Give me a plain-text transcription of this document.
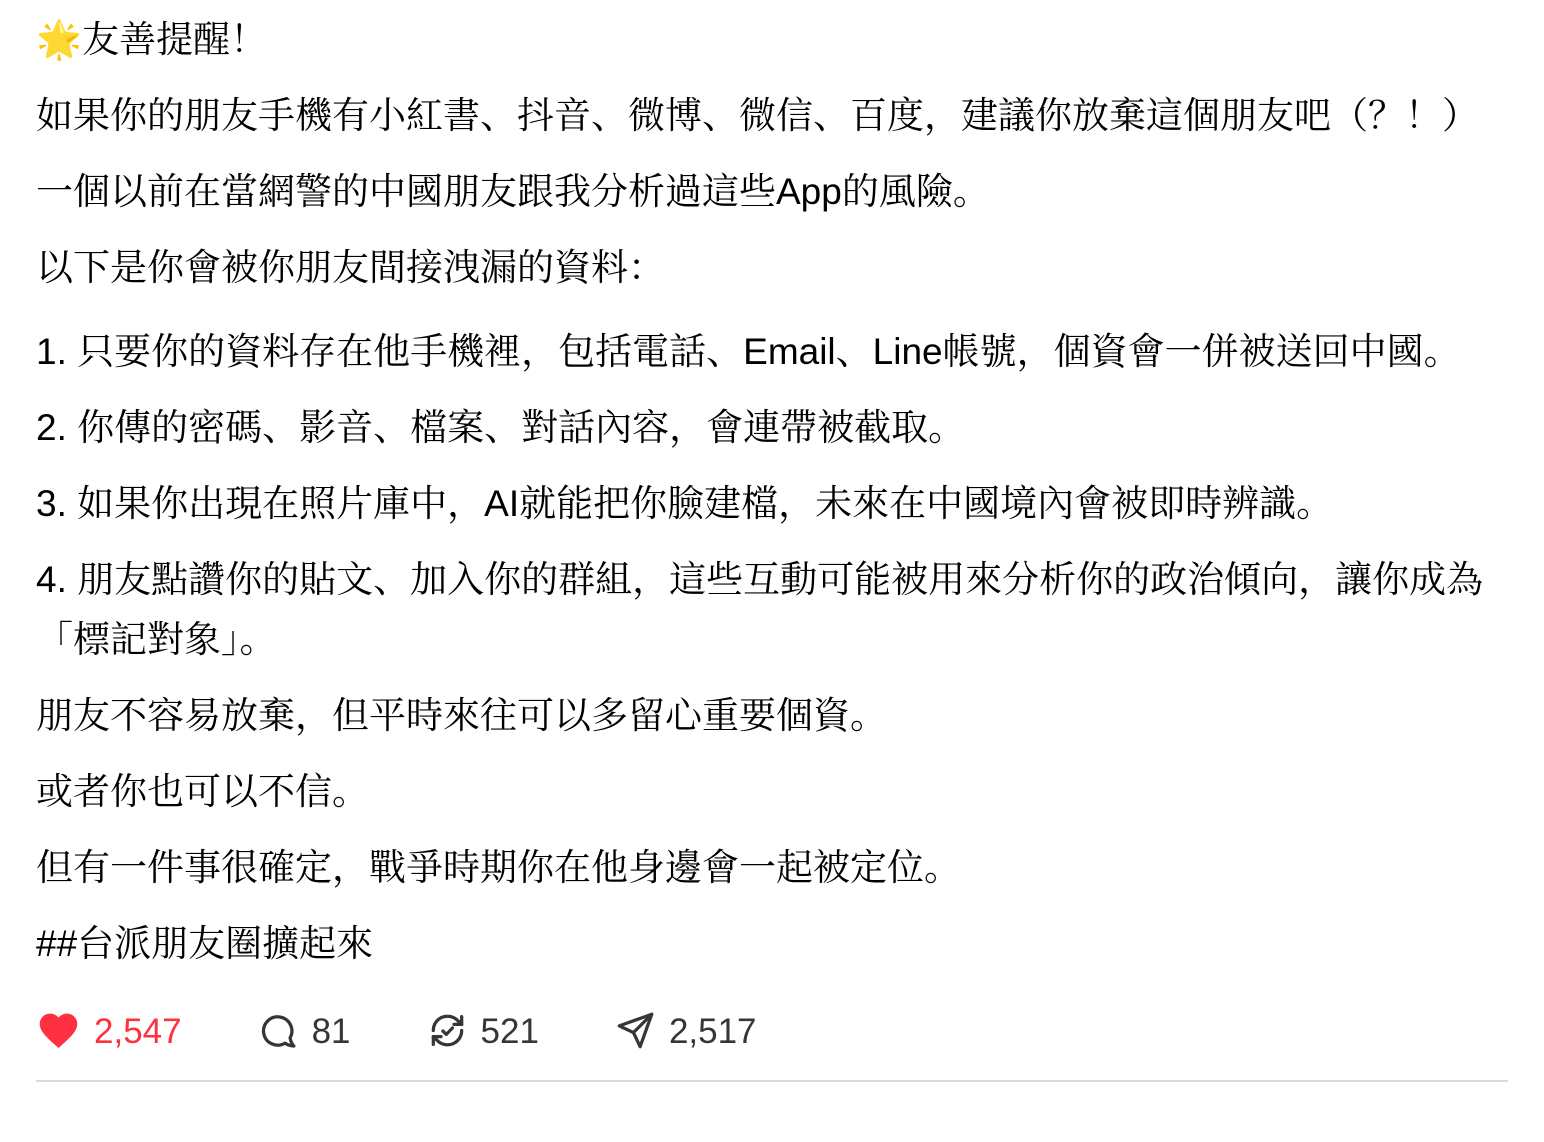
🌟友善提醒！

如果你的朋友手機有小紅書、抖音、微博、微信、百度，建議你放棄這個朋友吧（？！）

一個以前在當網警的中國朋友跟我分析過這些App的風險。

以下是你會被你朋友間接洩漏的資料：

1. 只要你的資料存在他手機裡，包括電話、Email、Line帳號，個資會一併被送回中國。

2. 你傳的密碼、影音、檔案、對話內容，會連帶被截取。

3. 如果你出現在照片庫中，AI就能把你臉建檔，未來在中國境內會被即時辨識。

4. 朋友點讚你的貼文、加入你的群組，這些互動可能被用來分析你的政治傾向，讓你成為「標記對象」。

朋友不容易放棄，但平時來往可以多留心重要個資。

或者你也可以不信。

但有一件事很確定，戰爭時期你在他身邊會一起被定位。

##台派朋友圈擴起來

2,547	81	521	2,517
